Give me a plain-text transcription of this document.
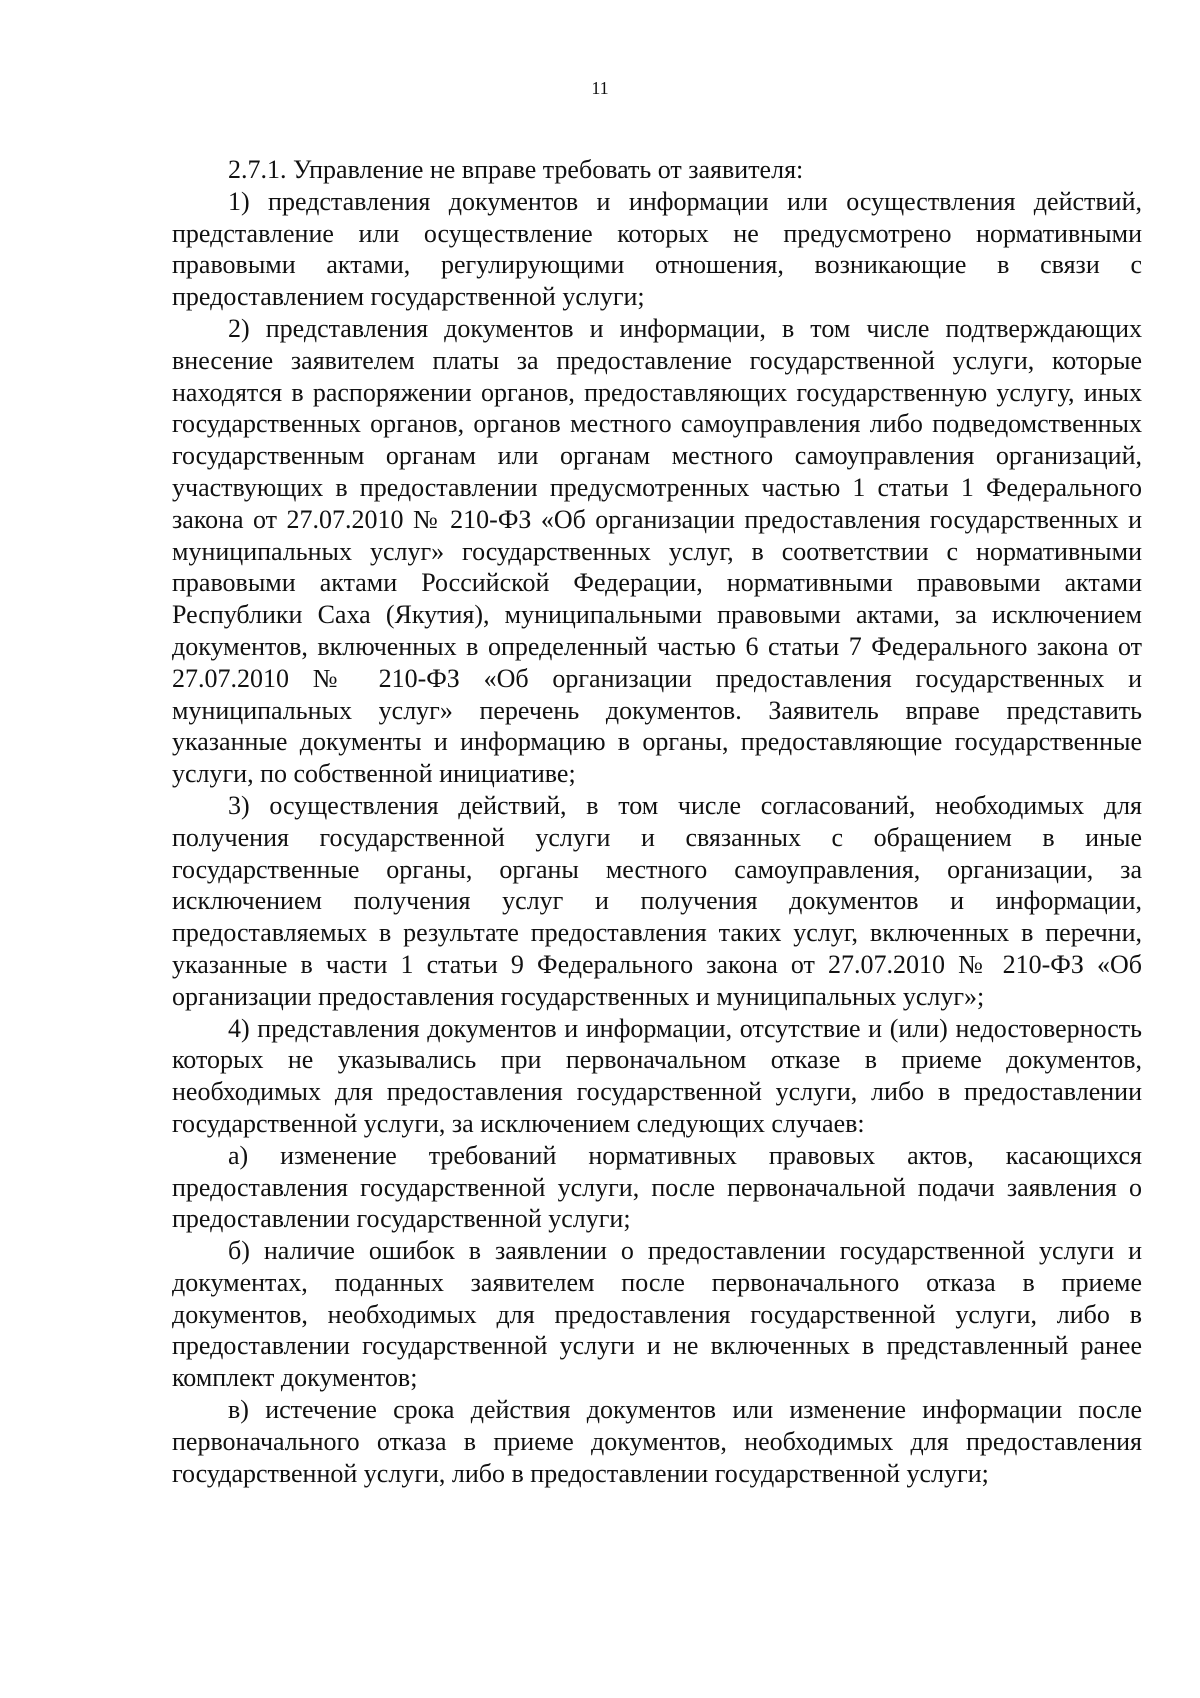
11

2.7.1. Управление не вправе требовать от заявителя:

1) представления документов и информации или осуществления действий, представление или осуществление которых не предусмотрено нормативными правовыми актами, регулирующими отношения, возникающие в связи с предоставлением государственной услуги;

2) представления документов и информации, в том числе подтверждающих внесение заявителем платы за предоставление государственной услуги, которые находятся в распоряжении органов, предоставляющих государственную услугу, иных государственных органов, органов местного самоуправления либо подведомственных государственным органам или органам местного самоуправления организаций, участвующих в предоставлении предусмотренных частью 1 статьи 1 Федерального закона от 27.07.2010 № 210-ФЗ «Об организации предоставления государственных и муниципальных услуг» государственных услуг, в соответствии с нормативными правовыми актами Российской Федерации, нормативными правовыми актами Республики Саха (Якутия), муниципальными правовыми актами, за исключением документов, включенных в определенный частью 6 статьи 7 Федерального закона от 27.07.2010 № 210-ФЗ «Об организации предоставления государственных и муниципальных услуг» перечень документов. Заявитель вправе представить указанные документы и информацию в органы, предоставляющие государственные услуги, по собственной инициативе;

3) осуществления действий, в том числе согласований, необходимых для получения государственной услуги и связанных с обращением в иные государственные органы, органы местного самоуправления, организации, за исключением получения услуг и получения документов и информации, предоставляемых в результате предоставления таких услуг, включенных в перечни, указанные в части 1 статьи 9 Федерального закона от 27.07.2010 № 210-ФЗ «Об организации предоставления государственных и муниципальных услуг»;

4) представления документов и информации, отсутствие и (или) недостоверность которых не указывались при первоначальном отказе в приеме документов, необходимых для предоставления государственной услуги, либо в предоставлении государственной услуги, за исключением следующих случаев:

а) изменение требований нормативных правовых актов, касающихся предоставления государственной услуги, после первоначальной подачи заявления о предоставлении государственной услуги;

б) наличие ошибок в заявлении о предоставлении государственной услуги и документах, поданных заявителем после первоначального отказа в приеме документов, необходимых для предоставления государственной услуги, либо в предоставлении государственной услуги и не включенных в представленный ранее комплект документов;

в) истечение срока действия документов или изменение информации после первоначального отказа в приеме документов, необходимых для предоставления государственной услуги, либо в предоставлении государственной услуги;
